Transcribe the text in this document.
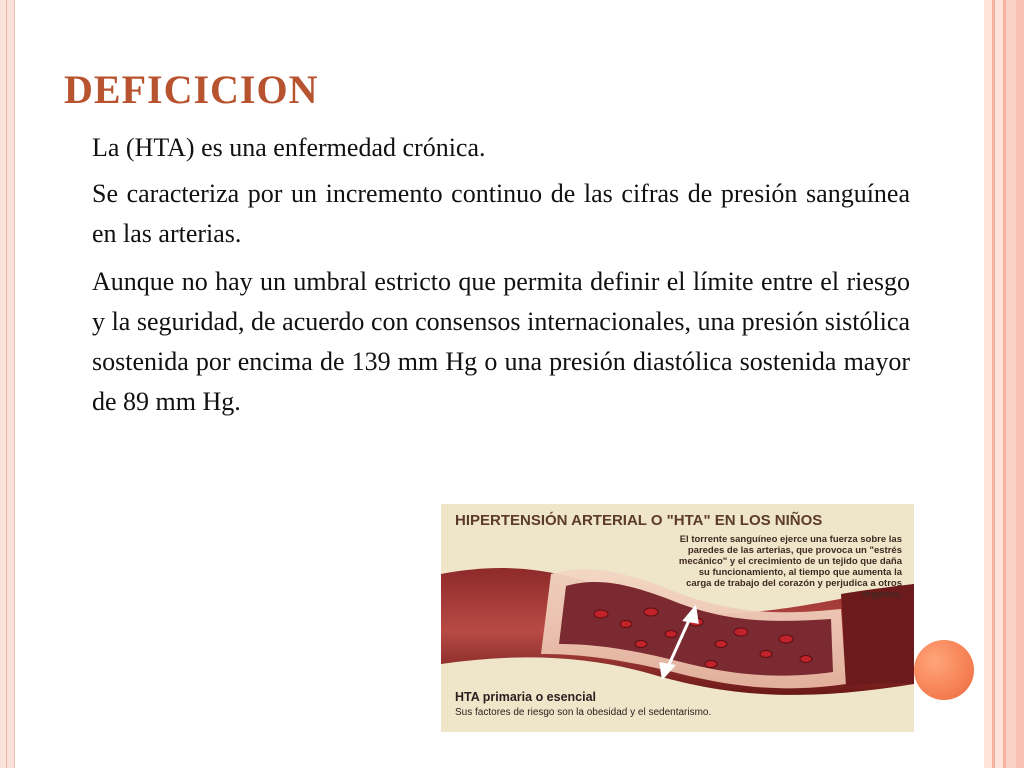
DEFICICION

La (HTA) es una enfermedad crónica.

Se caracteriza por un incremento continuo de las cifras de presión sanguínea en las arterias.

Aunque no hay un umbral estricto que permita definir el límite entre el riesgo y la seguridad, de acuerdo con consensos internacionales, una presión sistólica sostenida por encima de 139 mm Hg o una presión diastólica sostenida mayor de 89 mm Hg.

HIPERTENSIÓN ARTERIAL O "HTA" EN LOS NIÑOS
El torrente sanguíneo ejerce una fuerza sobre las paredes de las arterias, que provoca un "estrés mecánico" y el crecimiento de un tejido que daña su funcionamiento, al tiempo que aumenta la carga de trabajo del corazón y perjudica a otros órganos.
HTA primaria o esencial
Sus factores de riesgo son la obesidad y el sedentarismo.
